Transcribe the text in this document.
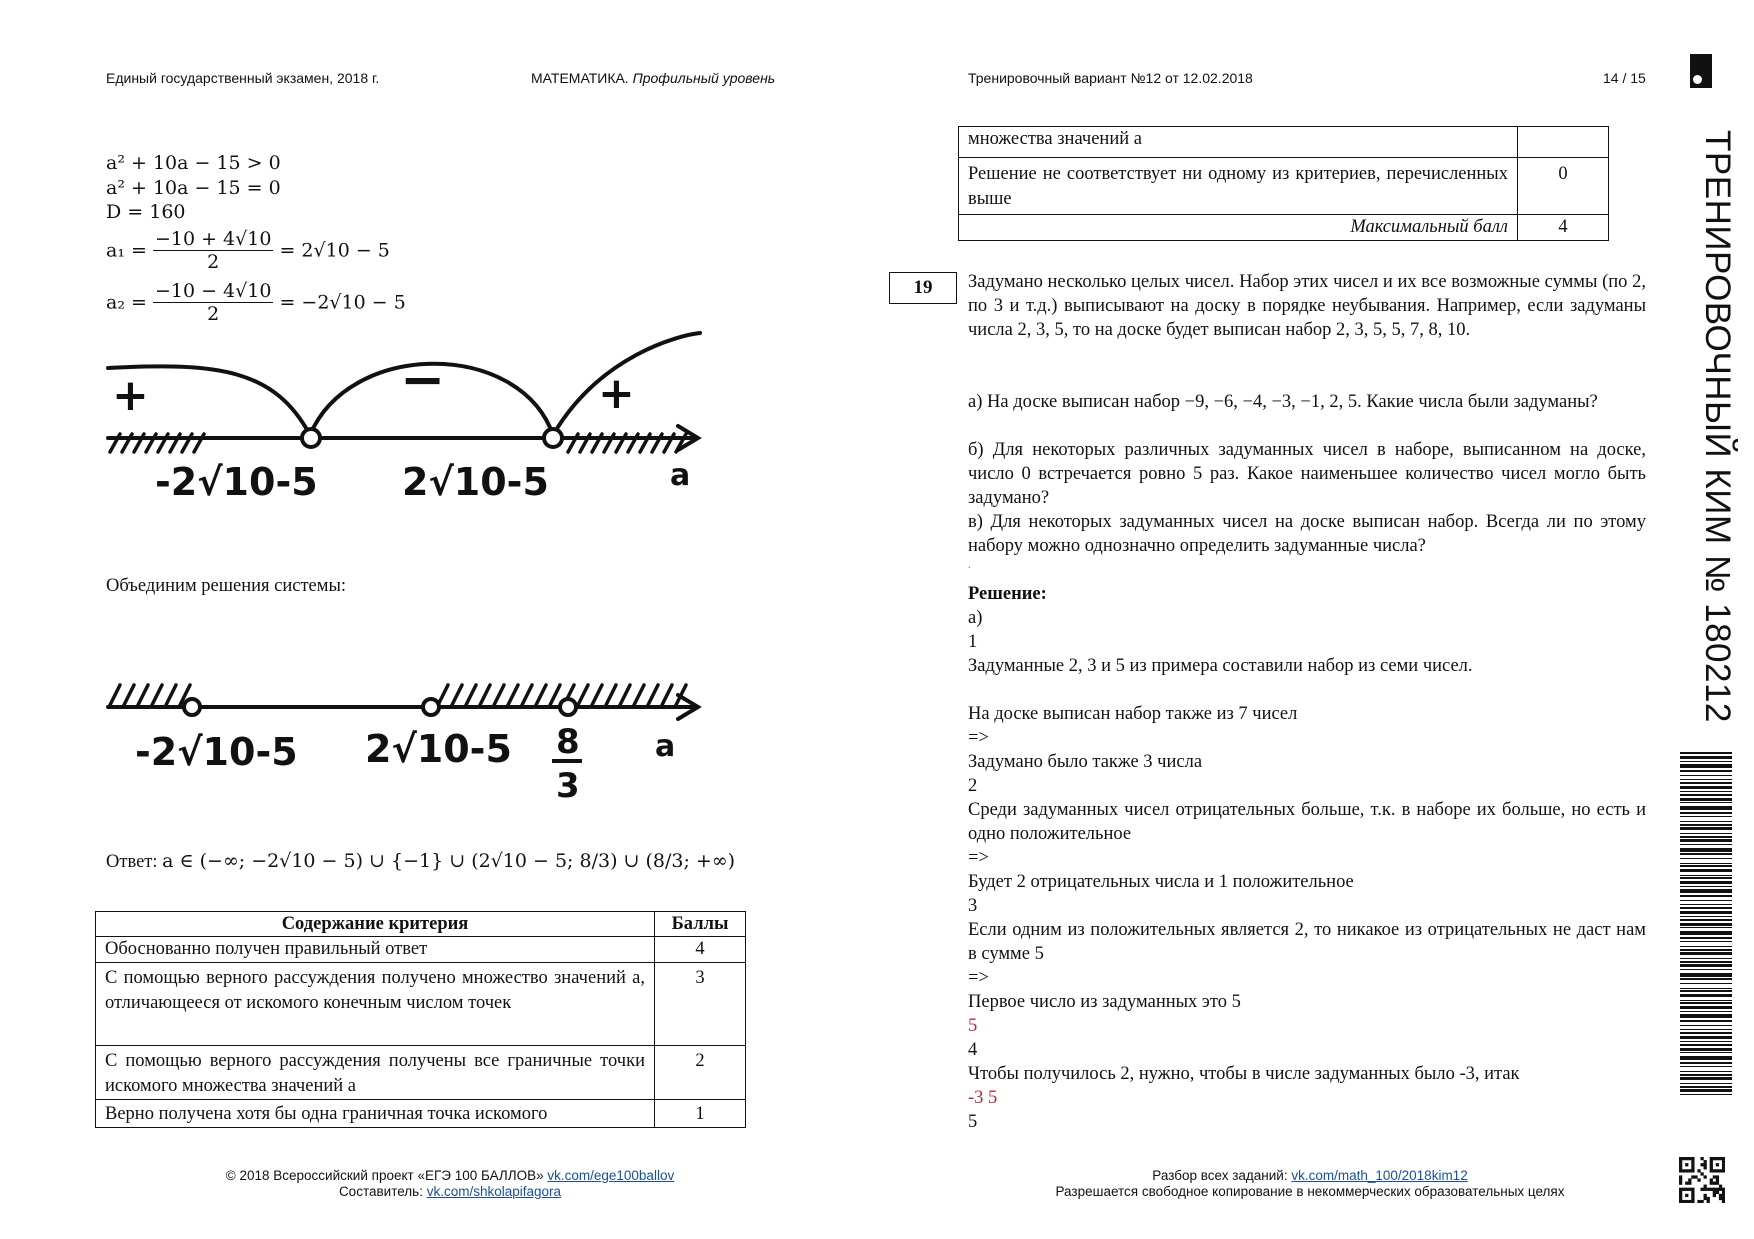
Единый государственный экзамен, 2018 г.	МАТЕМАТИКА. Профильный уровень	Тренировочный вариант №12 от 12.02.2018	14 / 15
ТРЕНИРОВОЧНЫЙ КИМ № 180212
a² + 10a − 15 > 0
a² + 10a − 15 = 0
D = 160
$a_1 = \frac{-10 + 4√10}{2} = 2√10 - 5$
$a_2 = \frac{-10 - 4√10}{2} = -2√10 - 5$
+	−	+
-2√10-5 2√10-5	a
Объединим решения системы:
-2√10-5 2√10-5	a
8
3
Ответ: a ∈ (−∞; −2√10 − 5) ∪ {−1} ∪ (2√10 − 5; 8/3) ∪ (8/3; +∞)
Содержание критерия	Баллы
Обоснованно получен правильный ответ	4
С помощью верного рассуждения получено множество значений а, отличающееся от искомого конечным числом точек	3
С помощью верного рассуждения получены все граничные точки искомого множества значений а	2
Верно получена хотя бы одна граничная точка искомого	1
множества значений а	
Решение не соответствует ни одному из критериев, перечисленных выше	0
Максимальный балл	4
19	Задумано несколько целых чисел. Набор этих чисел и их все возможные суммы (по 2, по 3 и т.д.) выписывают на доску в порядке неубывания. Например, если задуманы числа 2, 3, 5, то на доске будет выписан набор 2, 3, 5, 5, 7, 8, 10.
а) На доске выписан набор −9, −6, −4, −3, −1, 2, 5. Какие числа были задуманы?
б) Для некоторых различных задуманных чисел в наборе, выписанном на доске, число 0 встречается ровно 5 раз. Какое наименьшее количество чисел могло быть задумано?
в) Для некоторых задуманных чисел на доске выписан набор. Всегда ли по этому набору можно однозначно определить задуманные числа?
.
Решение:
а)
1
Задуманные 2, 3 и 5 из примера составили набор из семи чисел.
На доске выписан набор также из 7 чисел
=>
Задумано было также 3 числа
2
Среди задуманных чисел отрицательных больше, т.к. в наборе их больше, но есть и одно положительное
=>
Будет 2 отрицательных числа и 1 положительное
3
Если одним из положительных является 2, то никакое из отрицательных не даст нам в сумме 5
=>
Первое число из задуманных это 5
5
4
Чтобы получилось 2, нужно, чтобы в числе задуманных было -3, итак
-3 5
5
© 2018 Всероссийский проект «ЕГЭ 100 БАЛЛОВ» vk.com/ege100ballov
Составитель: vk.com/shkolapifagora
Разбор всех заданий: vk.com/math_100/2018kim12
Разрешается свободное копирование в некоммерческих образовательных целях
